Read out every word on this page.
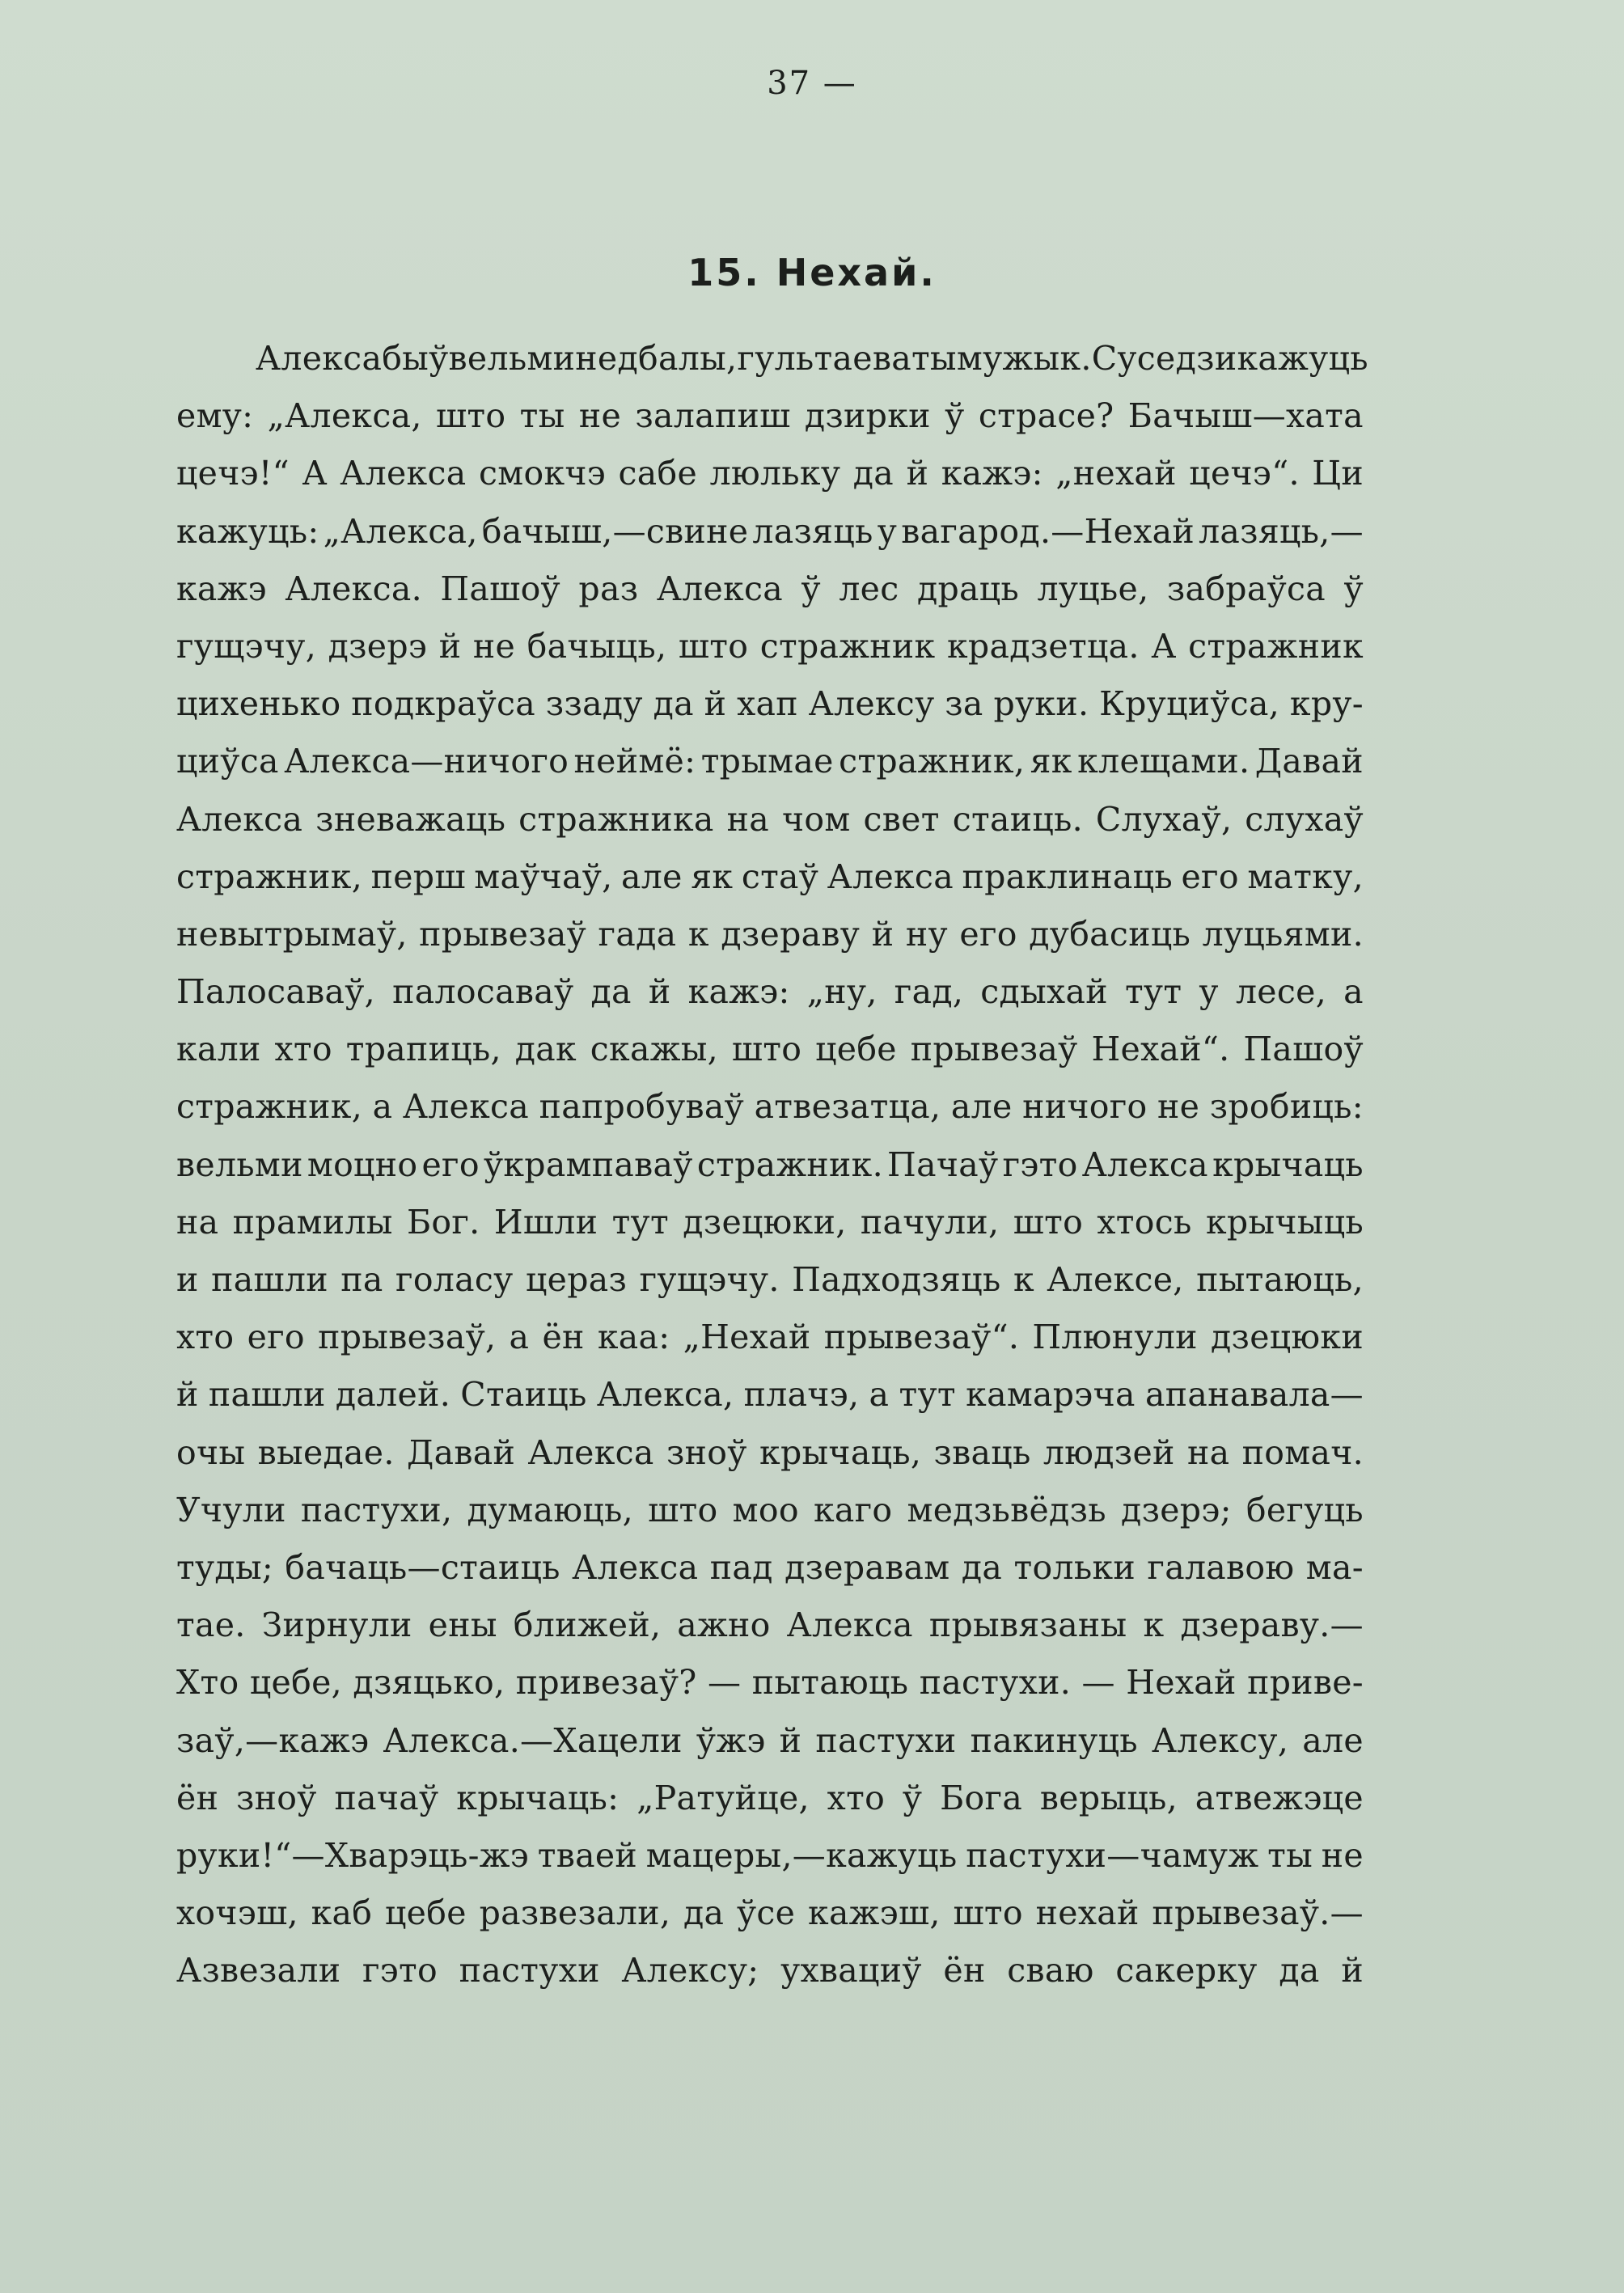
37 —
15. Нехай.
Алекса быў вельми недбалы, гультаеваты мужык. Суседзи кажуць
ему: „Алекса, што ты не залапиш дзирки ў страсе? Бачыш—хата
цечэ!“ А Алекса смокчэ сабе люльку да й кажэ: „нехай цечэ“. Ци
кажуць: „Алекса, бачыш,—свине лазяць у вагарод.—Нехай лазяць,—
кажэ Алекса. Пашоў раз Алекса ў лес драць луцье, забраўса ў
гущэчу, дзерэ й не бачыць, што стражник крадзетца. А стражник
цихенько подкраўса ззаду да й хап Алексу за руки. Круциўса, кру-
циўса Алекса—ничого неймё: трымае стражник, як клещами. Давай
Алекса зневажаць стражника на чом свет стаиць. Слухаў, слухаў
стражник, перш маўчаў, але як стаў Алекса праклинаць его матку,
невытрымаў, прывезаў гада к дзераву й ну его дубасиць луцьями.
Палосаваў, палосаваў да й кажэ: „ну, гад, сдыхай тут у лесе, а
кали хто трапиць, дак скажы, што цебе прывезаў Нехай“. Пашоў
стражник, а Алекса папробуваў атвезатца, але ничого не зробиць:
вельми моцно его ўкрампаваў стражник. Пачаў гэто Алекса крычаць
на прамилы Бог. Ишли тут дзецюки, пачули, што хтось крычыць
и пашли па голасу цераз гущэчу. Падходзяць к Алексе, пытаюць,
хто его прывезаў, а ён каа: „Нехай прывезаў“. Плюнули дзецюки
й пашли далей. Стаиць Алекса, плачэ, а тут камарэча апанавала—
очы выедае. Давай Алекса зноў крычаць, зваць людзей на помач.
Учули пастухи, думаюць, што моо каго медзьвёдзь дзерэ; бегуць
туды; бачаць—стаиць Алекса пад дзеравам да тольки галавою ма-
тае. Зирнули ены ближей, ажно Алекса прывязаны к дзераву.—
Хто цебе, дзяцько, привезаў? — пытаюць пастухи. — Нехай приве-
заў,—кажэ Алекса.—Хацели ўжэ й пастухи пакинуць Алексу, але
ён зноў пачаў крычаць: „Ратуйце, хто ў Бога верыць, атвежэце
руки!“—Хварэць-жэ тваей мацеры,—кажуць пастухи—чамуж ты не
хочэш, каб цебе развезали, да ўсе кажэш, што нехай прывезаў.—
Азвезали гэто пастухи Алексу; ухвациў ён сваю сакерку да й
